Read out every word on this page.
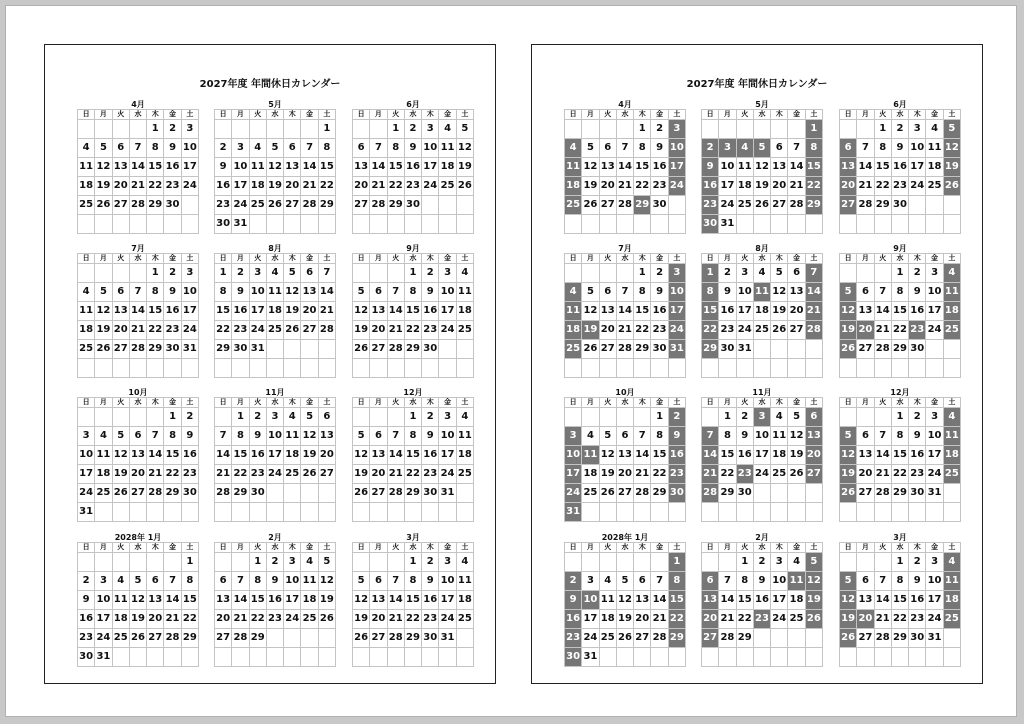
2027年度 年間休日カレンダー
4月
日	月	火	水	木	金	土
				1	2	3
4	5	6	7	8	9	10
11	12	13	14	15	16	17
18	19	20	21	22	23	24
25	26	27	28	29	30	

5月
日	月	火	水	木	金	土
						1
2	3	4	5	6	7	8
9	10	11	12	13	14	15
16	17	18	19	20	21	22
23	24	25	26	27	28	29
30	31					
6月
日	月	火	水	木	金	土
		1	2	3	4	5
6	7	8	9	10	11	12
13	14	15	16	17	18	19
20	21	22	23	24	25	26
27	28	29	30			

7月
日	月	火	水	木	金	土
				1	2	3
4	5	6	7	8	9	10
11	12	13	14	15	16	17
18	19	20	21	22	23	24
25	26	27	28	29	30	31

8月
日	月	火	水	木	金	土
1	2	3	4	5	6	7
8	9	10	11	12	13	14
15	16	17	18	19	20	21
22	23	24	25	26	27	28
29	30	31				

9月
日	月	火	水	木	金	土
			1	2	3	4
5	6	7	8	9	10	11
12	13	14	15	16	17	18
19	20	21	22	23	24	25
26	27	28	29	30		

10月
日	月	火	水	木	金	土
					1	2
3	4	5	6	7	8	9
10	11	12	13	14	15	16
17	18	19	20	21	22	23
24	25	26	27	28	29	30
31						
11月
日	月	火	水	木	金	土
	1	2	3	4	5	6
7	8	9	10	11	12	13
14	15	16	17	18	19	20
21	22	23	24	25	26	27
28	29	30				

12月
日	月	火	水	木	金	土
			1	2	3	4
5	6	7	8	9	10	11
12	13	14	15	16	17	18
19	20	21	22	23	24	25
26	27	28	29	30	31	

2028年 1月
日	月	火	水	木	金	土
						1
2	3	4	5	6	7	8
9	10	11	12	13	14	15
16	17	18	19	20	21	22
23	24	25	26	27	28	29
30	31					
2月
日	月	火	水	木	金	土
		1	2	3	4	5
6	7	8	9	10	11	12
13	14	15	16	17	18	19
20	21	22	23	24	25	26
27	28	29				

3月
日	月	火	水	木	金	土
			1	2	3	4
5	6	7	8	9	10	11
12	13	14	15	16	17	18
19	20	21	22	23	24	25
26	27	28	29	30	31	

2027年度 年間休日カレンダー
4月
日	月	火	水	木	金	土
				1	2	3
4	5	6	7	8	9	10
11	12	13	14	15	16	17
18	19	20	21	22	23	24
25	26	27	28	29	30	

5月
日	月	火	水	木	金	土
						1
2	3	4	5	6	7	8
9	10	11	12	13	14	15
16	17	18	19	20	21	22
23	24	25	26	27	28	29
30	31					
6月
日	月	火	水	木	金	土
		1	2	3	4	5
6	7	8	9	10	11	12
13	14	15	16	17	18	19
20	21	22	23	24	25	26
27	28	29	30			

7月
日	月	火	水	木	金	土
				1	2	3
4	5	6	7	8	9	10
11	12	13	14	15	16	17
18	19	20	21	22	23	24
25	26	27	28	29	30	31

8月
日	月	火	水	木	金	土
1	2	3	4	5	6	7
8	9	10	11	12	13	14
15	16	17	18	19	20	21
22	23	24	25	26	27	28
29	30	31				

9月
日	月	火	水	木	金	土
			1	2	3	4
5	6	7	8	9	10	11
12	13	14	15	16	17	18
19	20	21	22	23	24	25
26	27	28	29	30		

10月
日	月	火	水	木	金	土
					1	2
3	4	5	6	7	8	9
10	11	12	13	14	15	16
17	18	19	20	21	22	23
24	25	26	27	28	29	30
31						
11月
日	月	火	水	木	金	土
	1	2	3	4	5	6
7	8	9	10	11	12	13
14	15	16	17	18	19	20
21	22	23	24	25	26	27
28	29	30				

12月
日	月	火	水	木	金	土
			1	2	3	4
5	6	7	8	9	10	11
12	13	14	15	16	17	18
19	20	21	22	23	24	25
26	27	28	29	30	31	

2028年 1月
日	月	火	水	木	金	土
						1
2	3	4	5	6	7	8
9	10	11	12	13	14	15
16	17	18	19	20	21	22
23	24	25	26	27	28	29
30	31					
2月
日	月	火	水	木	金	土
		1	2	3	4	5
6	7	8	9	10	11	12
13	14	15	16	17	18	19
20	21	22	23	24	25	26
27	28	29				

3月
日	月	火	水	木	金	土
			1	2	3	4
5	6	7	8	9	10	11
12	13	14	15	16	17	18
19	20	21	22	23	24	25
26	27	28	29	30	31	
